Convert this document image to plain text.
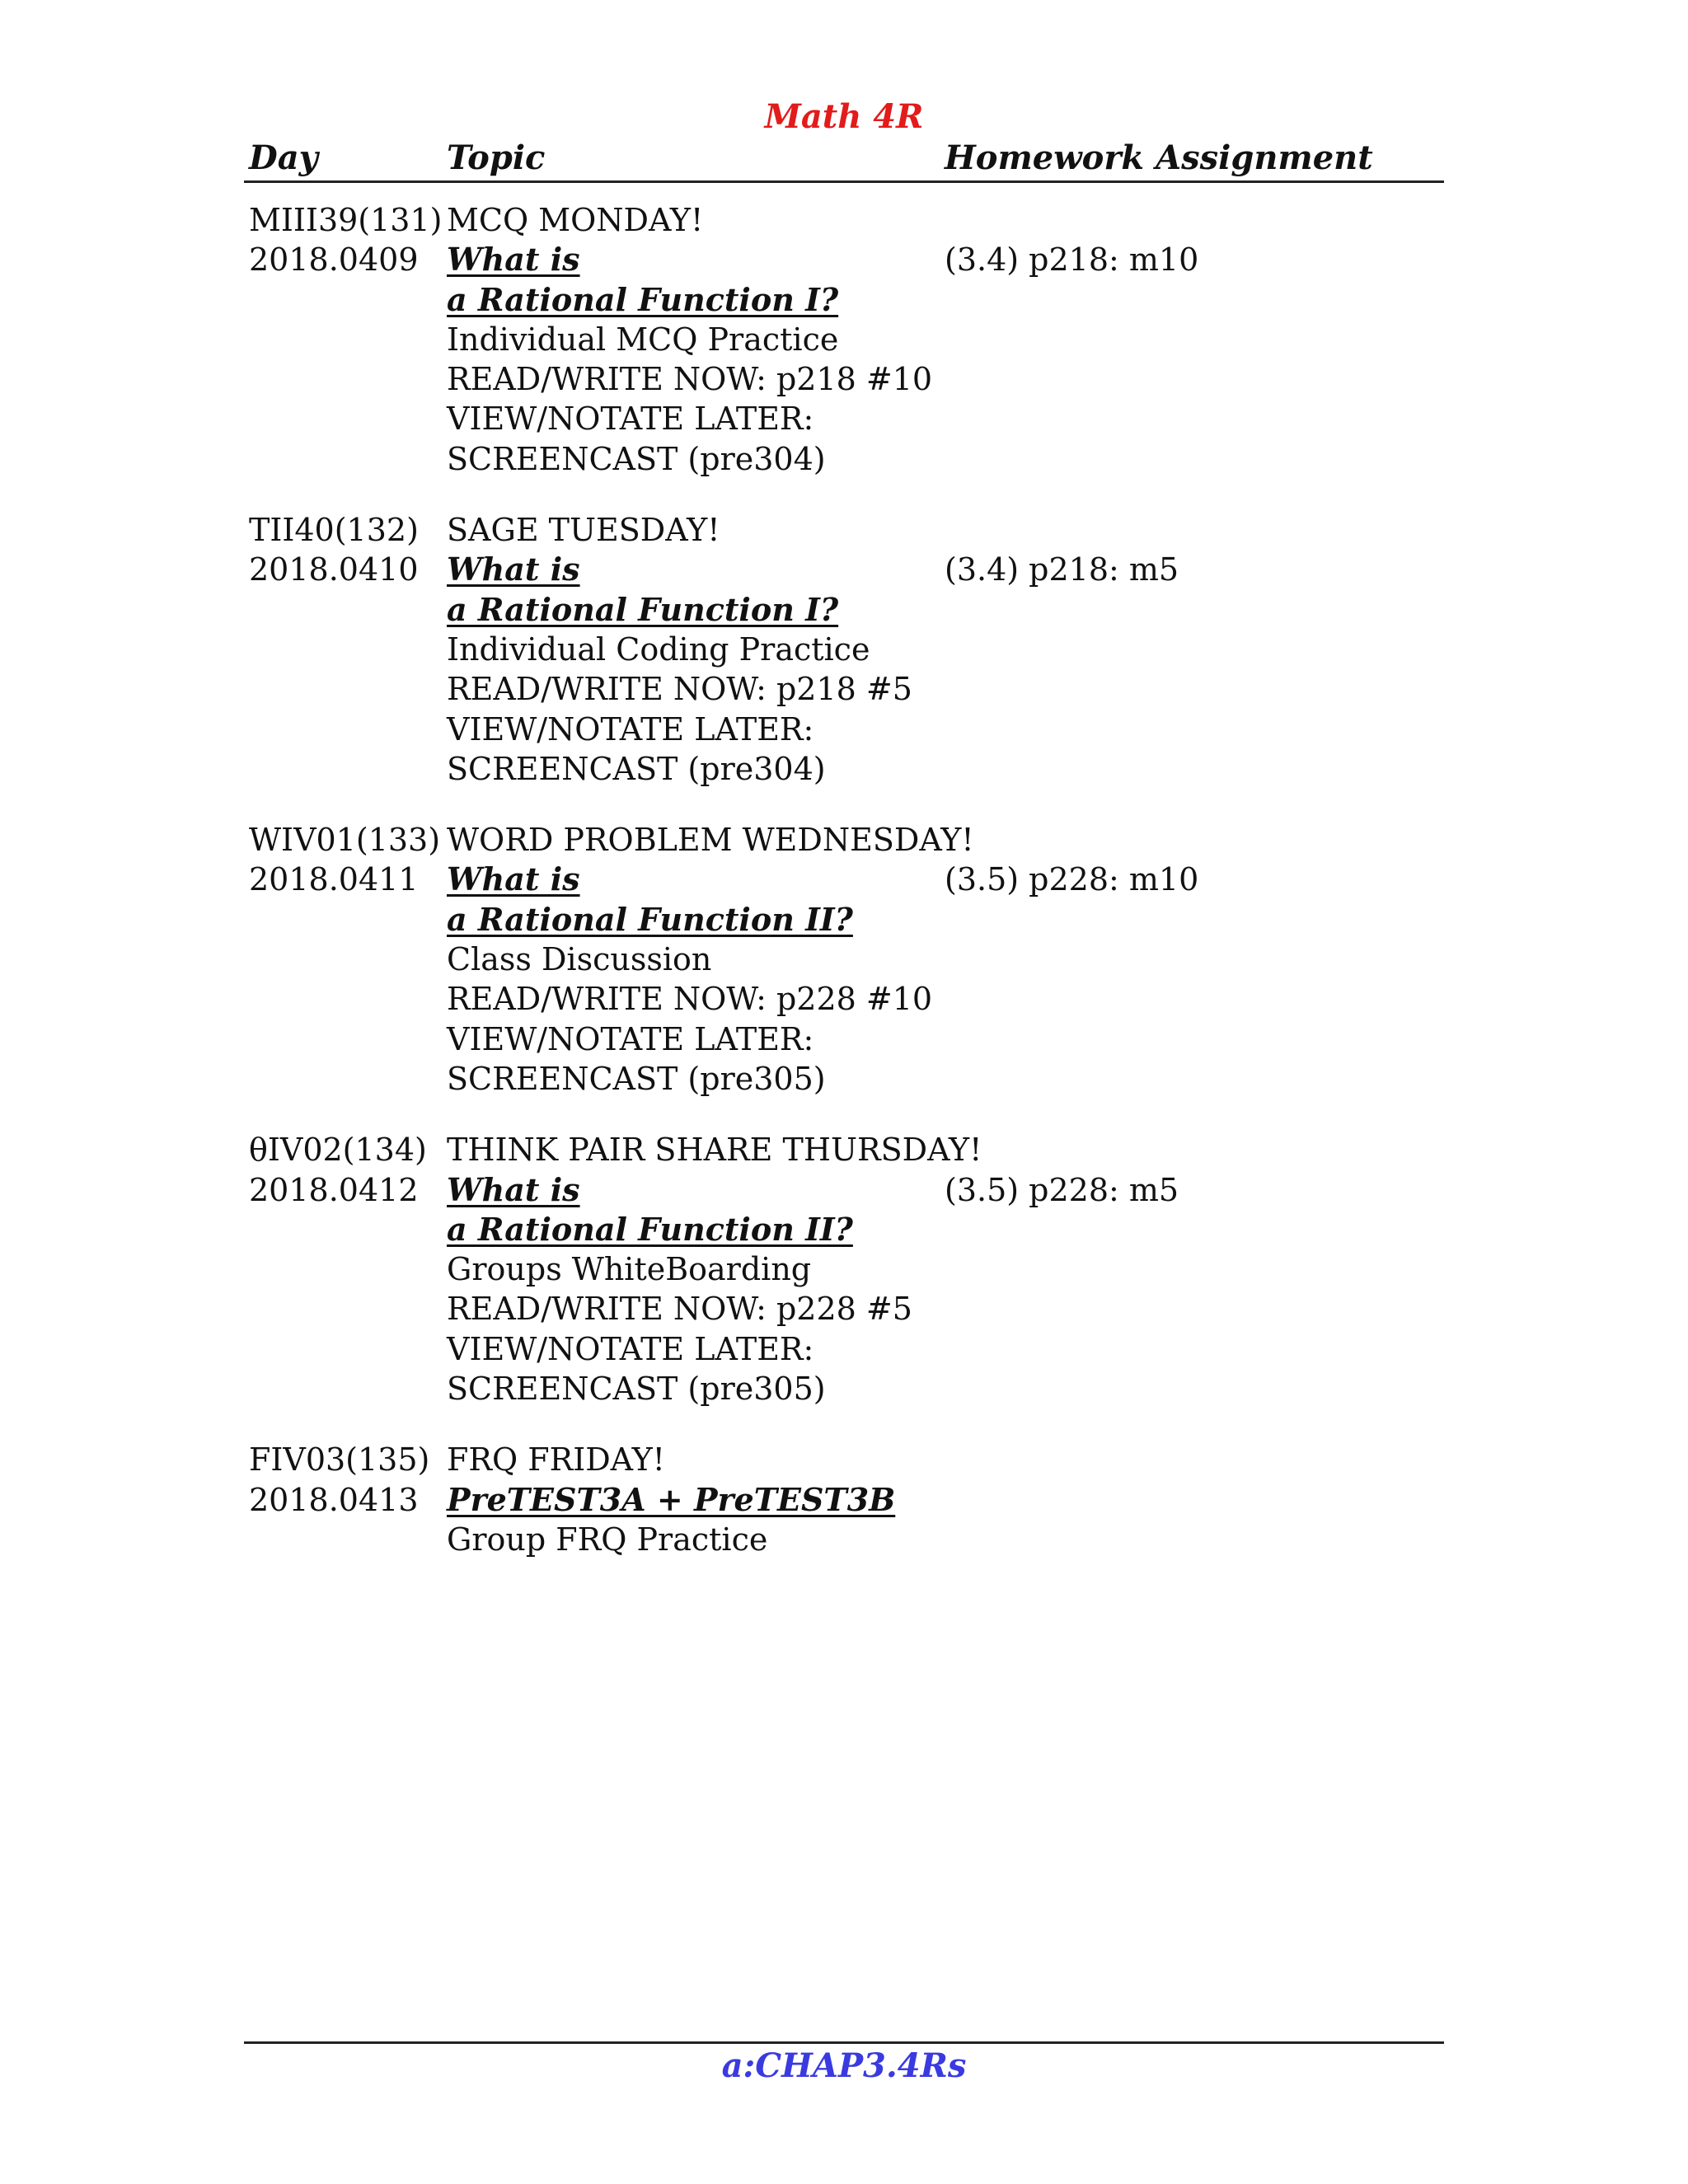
Math 4R
Day	Topic	Homework Assignment
MIII39(131) MCQ MONDAY!
2018.0409 What is	(3.4) p218: m10
a Rational Function I?
Individual MCQ Practice
READ/WRITE NOW: p218 #10
VIEW/NOTATE LATER:
SCREENCAST (pre304)
TII40(132) SAGE TUESDAY!
2018.0410 What is	(3.4) p218: m5
a Rational Function I?
Individual Coding Practice
READ/WRITE NOW: p218 #5
VIEW/NOTATE LATER:
SCREENCAST (pre304)
WIV01(133) WORD PROBLEM WEDNESDAY!
2018.0411 What is	(3.5) p228: m10
a Rational Function II?
Class Discussion
READ/WRITE NOW: p228 #10
VIEW/NOTATE LATER:
SCREENCAST (pre305)
θIV02(134) THINK PAIR SHARE THURSDAY!
2018.0412 What is	(3.5) p228: m5
a Rational Function II?
Groups WhiteBoarding
READ/WRITE NOW: p228 #5
VIEW/NOTATE LATER:
SCREENCAST (pre305)
FIV03(135) FRQ FRIDAY!
2018.0413 PreTEST3A + PreTEST3B
Group FRQ Practice
a:CHAP3.4Rs
